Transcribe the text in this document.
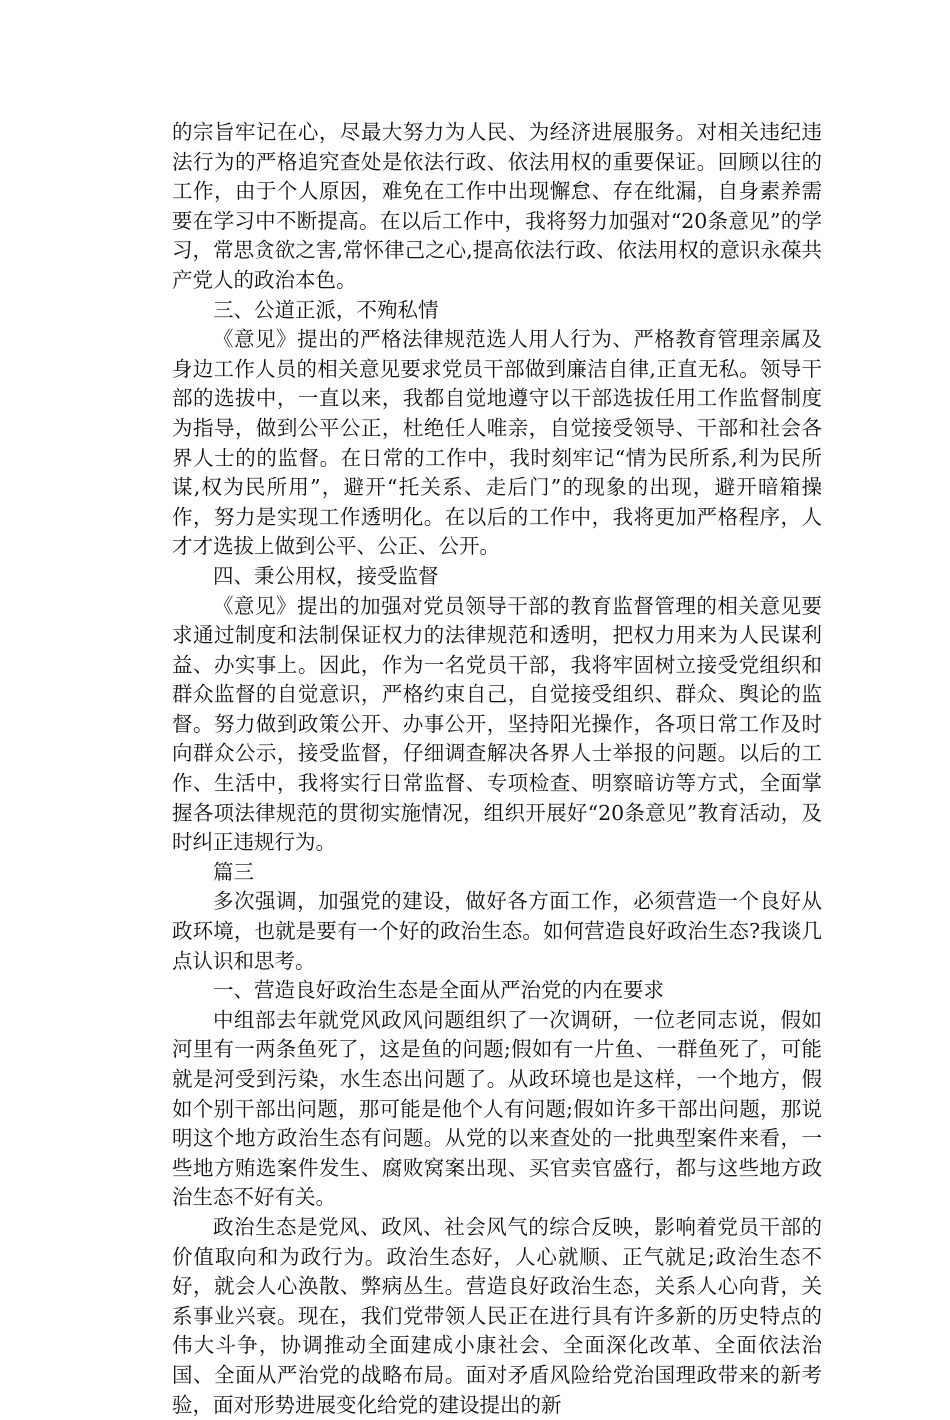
的宗旨牢记在心，尽最大努力为人民、为经济进展服务。对相关违纪违法行为的严格追究查处是依法行政、依法用权的重要保证。回顾以往的工作，由于个人原因，难免在工作中出现懈怠、存在纰漏，自身素养需要在学习中不断提高。在以后工作中，我将努力加强对“20条意见”的学习，常思贪欲之害,常怀律己之心,提高依法行政、依法用权的意识永葆共产党人的政治本色。

三、公道正派，不殉私情

《意见》提出的严格法律规范选人用人行为、严格教育管理亲属及身边工作人员的相关意见要求党员干部做到廉洁自律,正直无私。领导干部的选拔中，一直以来，我都自觉地遵守以干部选拔任用工作监督制度为指导，做到公平公正，杜绝任人唯亲，自觉接受领导、干部和社会各界人士的的监督。在日常的工作中，我时刻牢记“情为民所系,利为民所谋,权为民所用”，避开“托关系、走后门”的现象的出现，避开暗箱操作，努力是实现工作透明化。在以后的工作中，我将更加严格程序，人才才选拔上做到公平、公正、公开。

四、秉公用权，接受监督

《意见》提出的加强对党员领导干部的教育监督管理的相关意见要求通过制度和法制保证权力的法律规范和透明，把权力用来为人民谋利益、办实事上。因此，作为一名党员干部，我将牢固树立接受党组织和群众监督的自觉意识，严格约束自己，自觉接受组织、群众、舆论的监督。努力做到政策公开、办事公开，坚持阳光操作，各项日常工作及时向群众公示，接受监督，仔细调查解决各界人士举报的问题。以后的工作、生活中，我将实行日常监督、专项检查、明察暗访等方式，全面掌握各项法律规范的贯彻实施情况，组织开展好“20条意见”教育活动，及时纠正违规行为。

篇三

多次强调，加强党的建设，做好各方面工作，必须营造一个良好从政环境，也就是要有一个好的政治生态。如何营造良好政治生态?我谈几点认识和思考。

一、营造良好政治生态是全面从严治党的内在要求

中组部去年就党风政风问题组织了一次调研，一位老同志说，假如河里有一两条鱼死了，这是鱼的问题;假如有一片鱼、一群鱼死了，可能就是河受到污染，水生态出问题了。从政环境也是这样，一个地方，假如个别干部出问题，那可能是他个人有问题;假如许多干部出问题，那说明这个地方政治生态有问题。从党的以来查处的一批典型案件来看，一些地方贿选案件发生、腐败窝案出现、买官卖官盛行，都与这些地方政治生态不好有关。

政治生态是党风、政风、社会风气的综合反映，影响着党员干部的价值取向和为政行为。政治生态好，人心就顺、正气就足;政治生态不好，就会人心涣散、弊病丛生。营造良好政治生态，关系人心向背，关系事业兴衰。现在，我们党带领人民正在进行具有许多新的历史特点的伟大斗争，协调推动全面建成小康社会、全面深化改革、全面依法治国、全面从严治党的战略布局。面对矛盾风险给党治国理政带来的新考验，面对形势进展变化给党的建设提出的新
